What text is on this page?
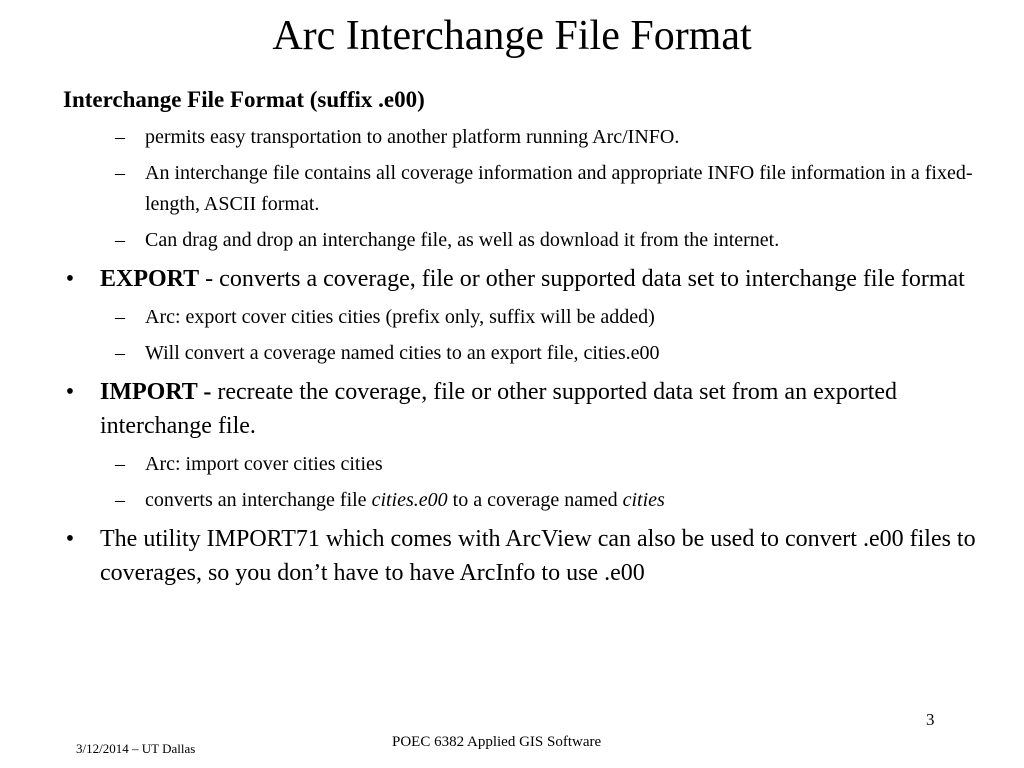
Arc Interchange File Format
Interchange File Format (suffix .e00)
– permits easy transportation to another platform running Arc/INFO.
– An interchange file contains all coverage information and appropriate INFO file information in a fixed-length, ASCII format.
– Can drag and drop an interchange file, as well as download it from the internet.
• EXPORT - converts a coverage, file or other supported data set to interchange file format
– Arc: export cover cities cities (prefix only, suffix will be added)
– Will convert a coverage named cities to an export file, cities.e00
• IMPORT - recreate the coverage, file or other supported data set from an exported interchange file.
– Arc: import cover cities cities
– converts an interchange file cities.e00 to a coverage named cities
• The utility IMPORT71 which comes with ArcView can also be used to convert .e00 files to coverages, so you don’t have to have ArcInfo to use .e00
3
POEC 6382 Applied GIS Software
3/12/2014 – UT Dallas
